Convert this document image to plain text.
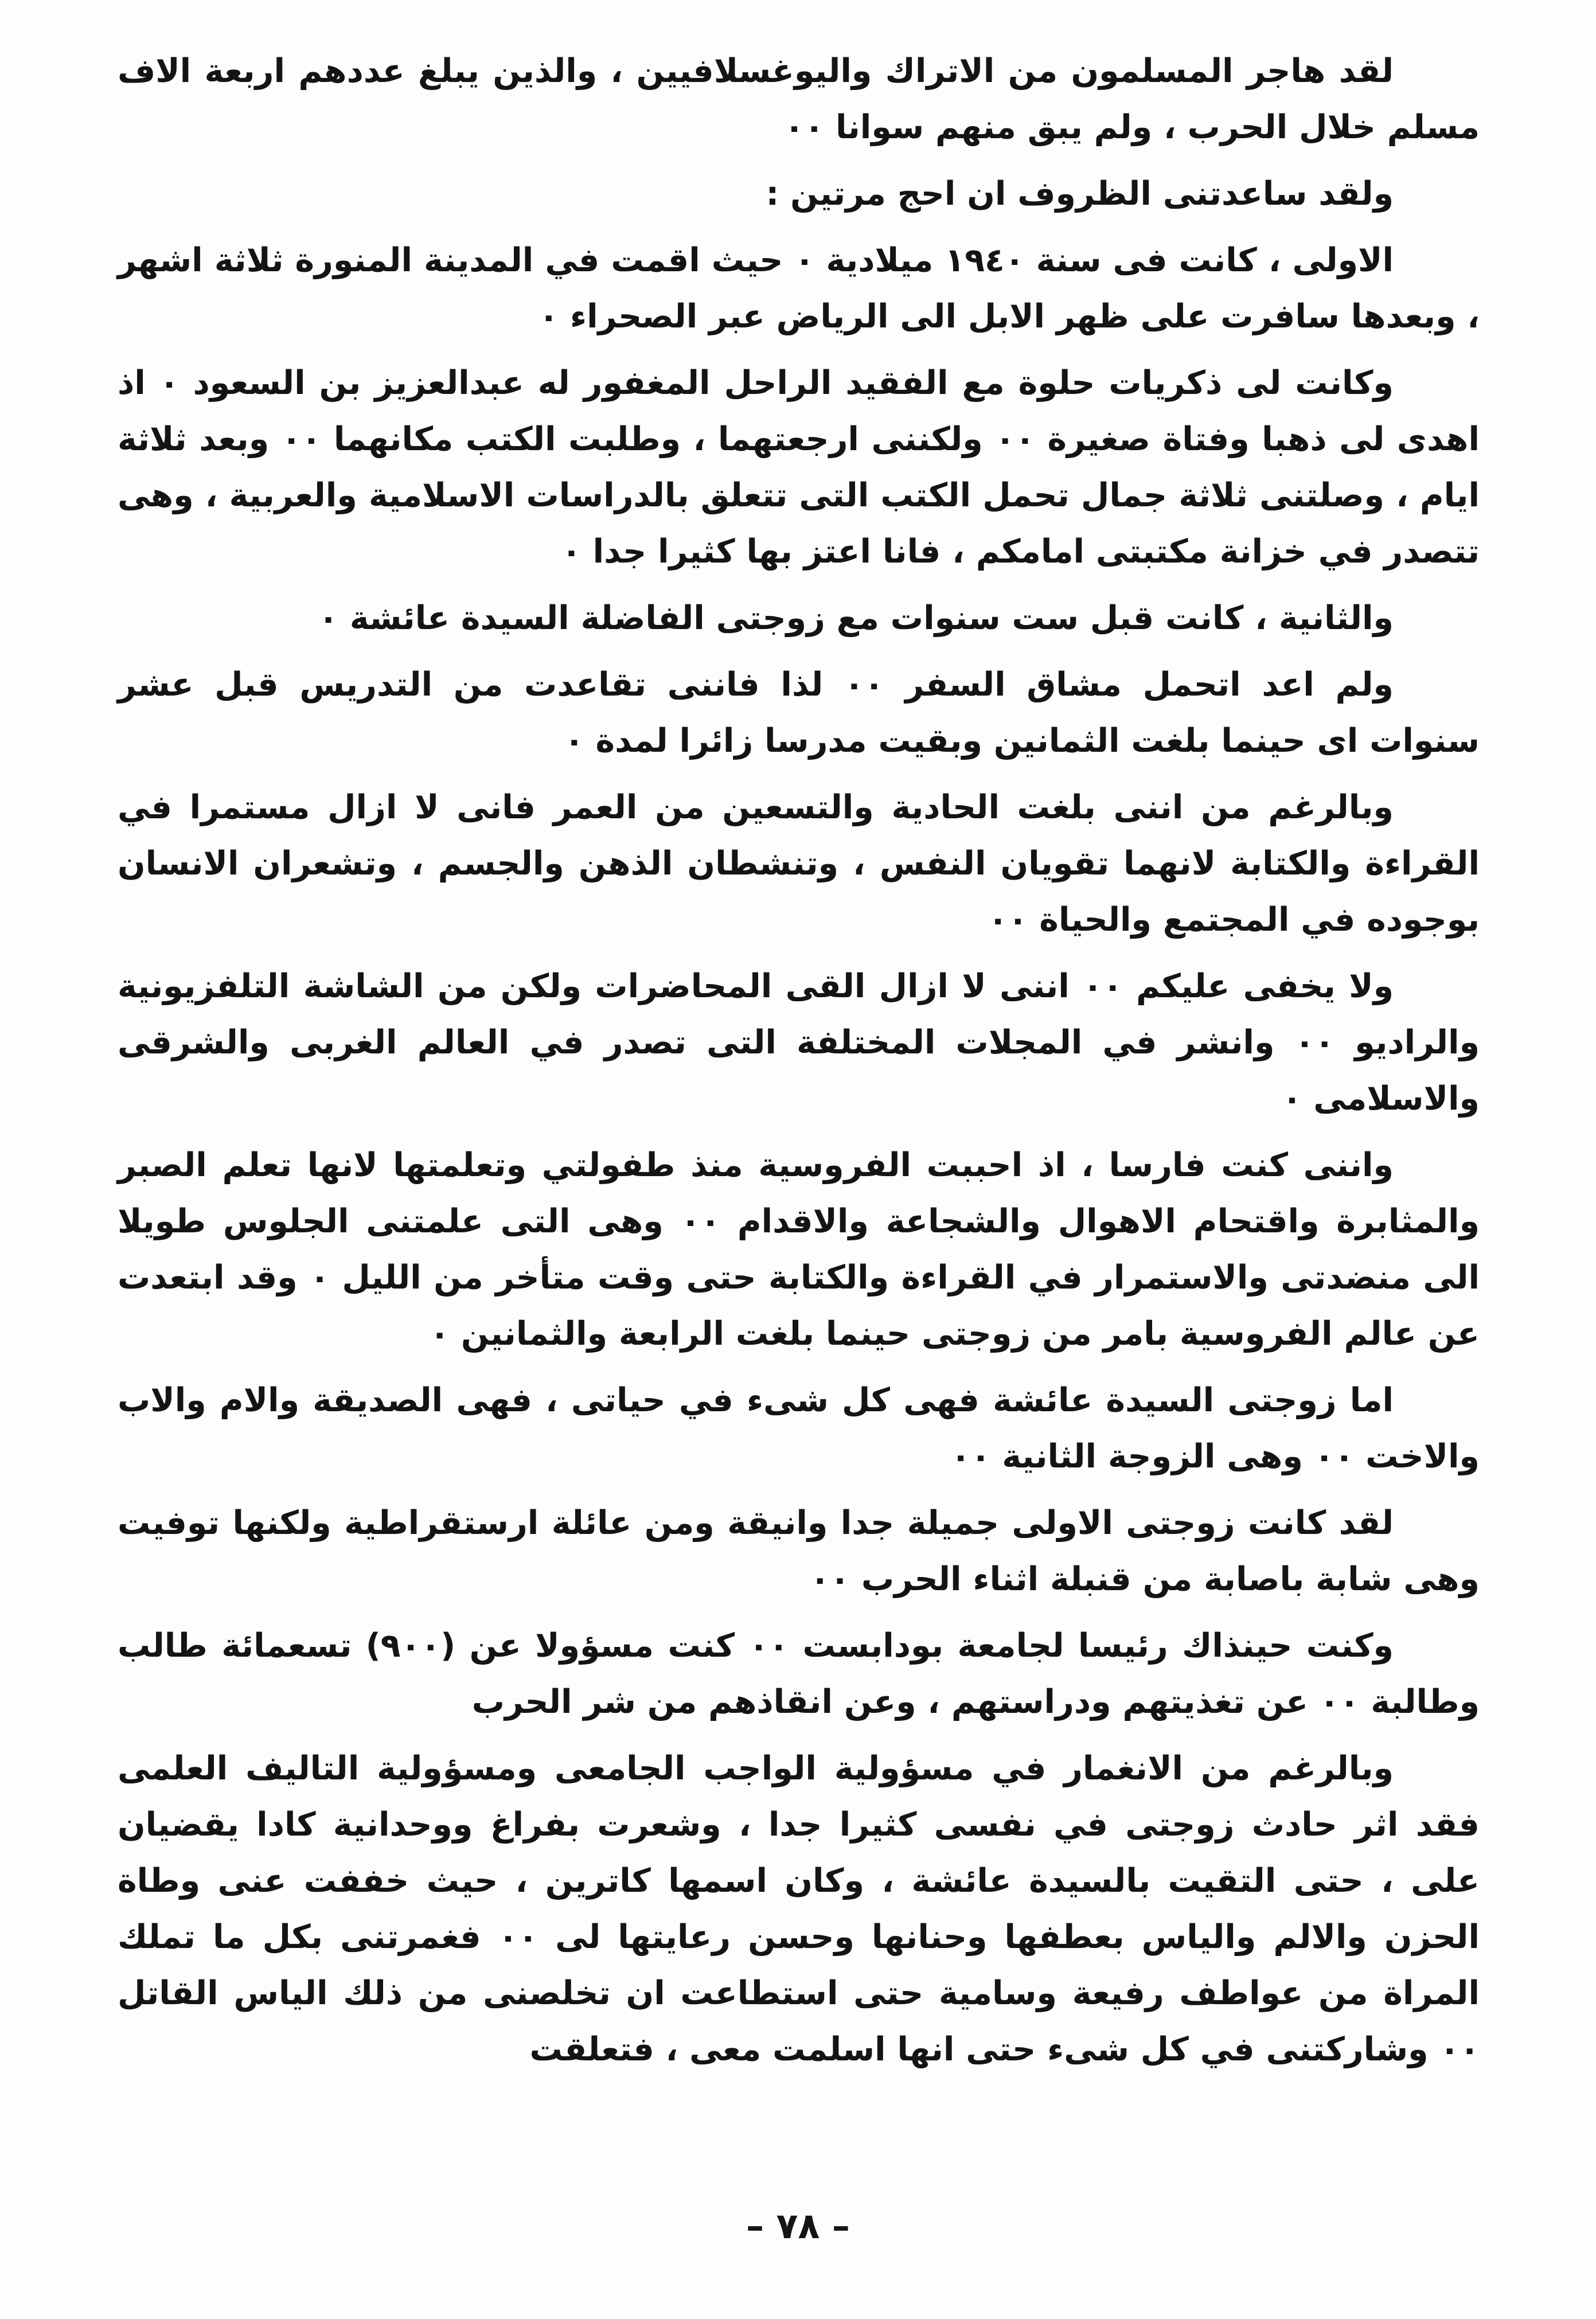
لقد هاجر المسلمون من الاتراك واليوغسلافيين ، والذين يبلغ عددهم اربعة الاف مسلم خلال الحرب ، ولم يبق منهم سوانا ٠٠

ولقد ساعدتنى الظروف ان احج مرتين :

الاولى ، كانت فى سنة ١٩٤٠ ميلادية ٠ حيث اقمت في المدينة المنورة ثلاثة اشهر ، وبعدها سافرت على ظهر الابل الى الرياض عبر الصحراء ٠

وكانت لى ذكريات حلوة مع الفقيد الراحل المغفور له عبدالعزيز بن السعود ٠ اذ اهدى لى ذهبا وفتاة صغيرة ٠٠ ولكننى ارجعتهما ، وطلبت الكتب مكانهما ٠٠ وبعد ثلاثة ايام ، وصلتنى ثلاثة جمال تحمل الكتب التى تتعلق بالدراسات الاسلامية والعربية ، وهى تتصدر في خزانة مكتبتى امامكم ، فانا اعتز بها كثيرا جدا ٠

والثانية ، كانت قبل ست سنوات مع زوجتى الفاضلة السيدة عائشة ٠

ولم اعد اتحمل مشاق السفر ٠٠ لذا فاننى تقاعدت من التدريس قبل عشر سنوات اى حينما بلغت الثمانين وبقيت مدرسا زائرا لمدة ٠

وبالرغم من اننى بلغت الحادية والتسعين من العمر فانى لا ازال مستمرا في القراءة والكتابة لانهما تقويان النفس ، وتنشطان الذهن والجسم ، وتشعران الانسان بوجوده في المجتمع والحياة ٠٠

ولا يخفى عليكم ٠٠ اننى لا ازال القى المحاضرات ولكن من الشاشة التلفزيونية والراديو ٠٠ وانشر في المجلات المختلفة التى تصدر في العالم الغربى والشرقى والاسلامى ٠

واننى كنت فارسا ، اذ احببت الفروسية منذ طفولتي وتعلمتها لانها تعلم الصبر والمثابرة واقتحام الاهوال والشجاعة والاقدام ٠٠ وهى التى علمتنى الجلوس طويلا الى منضدتى والاستمرار في القراءة والكتابة حتى وقت متأخر من الليل ٠ وقد ابتعدت عن عالم الفروسية بامر من زوجتى حينما بلغت الرابعة والثمانين ٠

اما زوجتى السيدة عائشة فهى كل شىء في حياتى ، فهى الصديقة والام والاب والاخت ٠٠ وهى الزوجة الثانية ٠٠

لقد كانت زوجتى الاولى جميلة جدا وانيقة ومن عائلة ارستقراطية ولكنها توفيت وهى شابة باصابة من قنبلة اثناء الحرب ٠٠

وكنت حينذاك رئيسا لجامعة بودابست ٠٠ كنت مسؤولا عن (٩٠٠) تسعمائة طالب وطالبة ٠٠ عن تغذيتهم ودراستهم ، وعن انقاذهم من شر الحرب

وبالرغم من الانغمار في مسؤولية الواجب الجامعى ومسؤولية التاليف العلمى فقد اثر حادث زوجتى في نفسى كثيرا جدا ، وشعرت بفراغ ووحدانية كادا يقضيان على ، حتى التقيت بالسيدة عائشة ، وكان اسمها كاترين ، حيث خففت عنى وطاة الحزن والالم والياس بعطفها وحنانها وحسن رعايتها لى ٠٠ فغمرتنى بكل ما تملك المراة من عواطف رفيعة وسامية حتى استطاعت ان تخلصنى من ذلك الياس القاتل ٠٠ وشاركتنى في كل شىء حتى انها اسلمت معى ، فتعلقت

– ٧٨ –
